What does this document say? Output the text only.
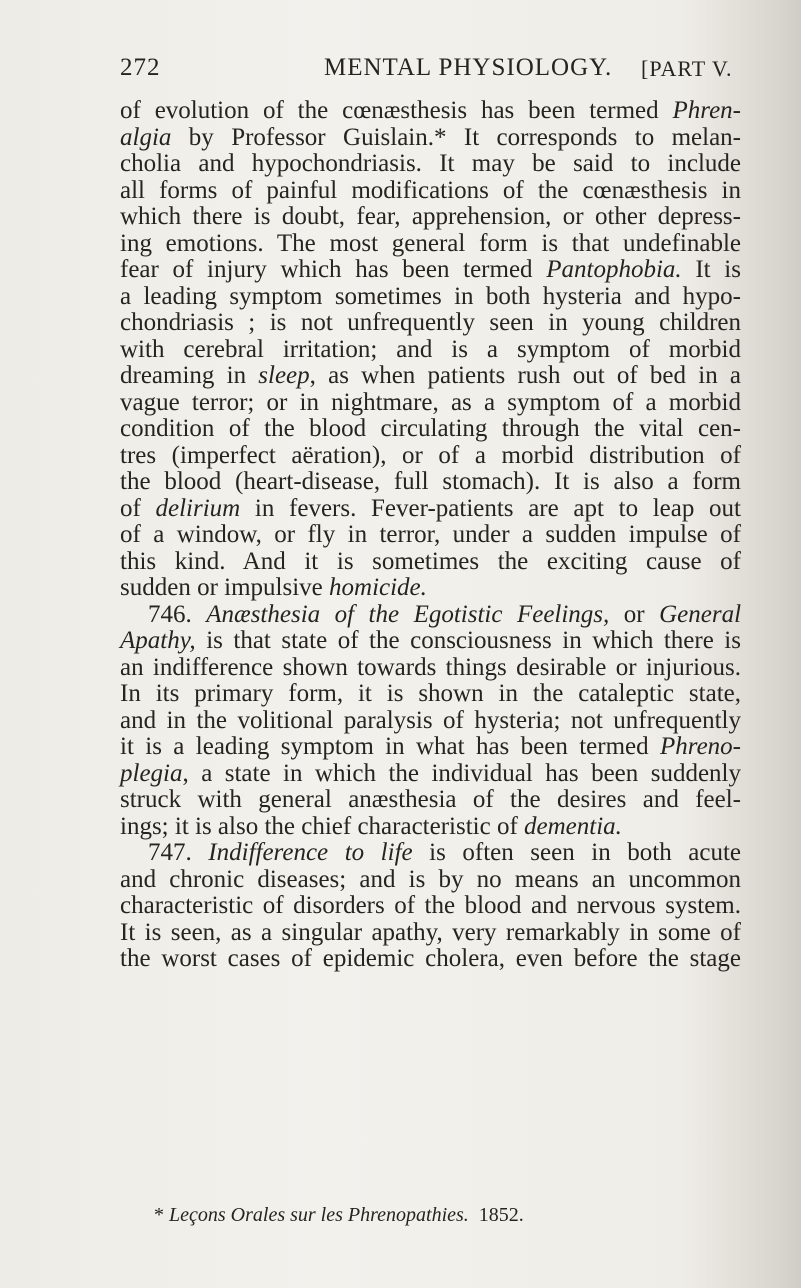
272	MENTAL PHYSIOLOGY. [PART V.
of evolution of the cœnæsthesis has been termed Phren-
algia by Professor Guislain.* It corresponds to melan-
cholia and hypochondriasis. It may be said to include
all forms of painful modifications of the cœnæsthesis in
which there is doubt, fear, apprehension, or other depress-
ing emotions. The most general form is that undefinable
fear of injury which has been termed Pantophobia. It is
a leading symptom sometimes in both hysteria and hypo-
chondriasis ; is not unfrequently seen in young children
with cerebral irritation; and is a symptom of morbid
dreaming in sleep, as when patients rush out of bed in a
vague terror; or in nightmare, as a symptom of a morbid
condition of the blood circulating through the vital cen-
tres (imperfect aëration), or of a morbid distribution of
the blood (heart-disease, full stomach). It is also a form
of delirium in fevers. Fever-patients are apt to leap out
of a window, or fly in terror, under a sudden impulse of
this kind. And it is sometimes the exciting cause of
sudden or impulsive homicide.
746. Anæsthesia of the Egotistic Feelings, or General
Apathy, is that state of the consciousness in which there is
an indifference shown towards things desirable or injurious.
In its primary form, it is shown in the cataleptic state,
and in the volitional paralysis of hysteria; not unfrequently
it is a leading symptom in what has been termed Phreno-
plegia, a state in which the individual has been suddenly
struck with general anæsthesia of the desires and feel-
ings; it is also the chief characteristic of dementia.
747. Indifference to life is often seen in both acute
and chronic diseases; and is by no means an uncommon
characteristic of disorders of the blood and nervous system.
It is seen, as a singular apathy, very remarkably in some of
the worst cases of epidemic cholera, even before the stage
* Leçons Orales sur les Phrenopathies. 1852.
